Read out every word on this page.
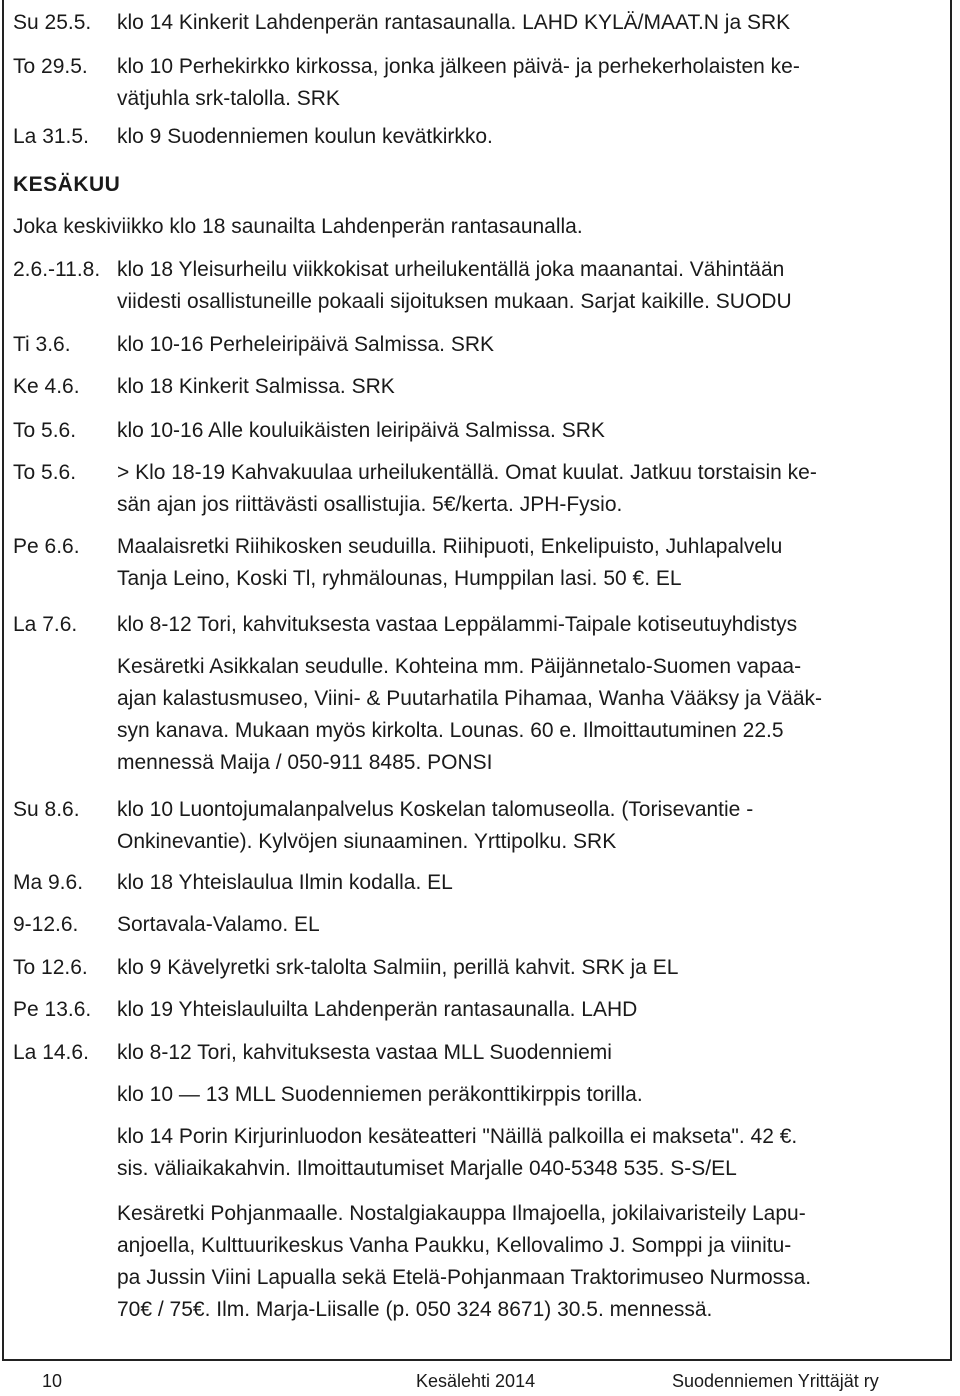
Su 25.5. klo 14 Kinkerit Lahdenperän rantasaunalla. LAHD KYLÄ/MAAT.N ja SRK
To 29.5. klo 10 Perhekirkko kirkossa, jonka jälkeen päivä- ja perhekerholaisten ke-
vätjuhla srk-talolla. SRK
La 31.5. klo 9 Suodenniemen koulun kevätkirkko.
KESÄKUU
Joka keskiviikko klo 18 saunailta Lahdenperän rantasaunalla.
2.6.-11.8. klo 18 Yleisurheilu viikkokisat urheilukentällä joka maanantai. Vähintään
viidesti osallistuneille pokaali sijoituksen mukaan. Sarjat kaikille. SUODU
Ti 3.6. klo 10-16 Perheleiripäivä Salmissa. SRK
Ke 4.6. klo 18 Kinkerit Salmissa. SRK
To 5.6. klo 10-16 Alle kouluikäisten leiripäivä Salmissa. SRK
To 5.6. > Klo 18-19 Kahvakuulaa urheilukentällä. Omat kuulat. Jatkuu torstaisin ke-
sän ajan jos riittävästi osallistujia. 5€/kerta. JPH-Fysio.
Pe 6.6. Maalaisretki Riihikosken seuduilla. Riihipuoti, Enkelipuisto, Juhlapalvelu
Tanja Leino, Koski Tl, ryhmälounas, Humppilan lasi. 50 €. EL
La 7.6. klo 8-12 Tori, kahvituksesta vastaa Leppälammi-Taipale kotiseutuyhdistys
Kesäretki Asikkalan seudulle. Kohteina mm. Päijännetalo-Suomen vapaa-
ajan kalastusmuseo, Viini- & Puutarhatila Pihamaa, Wanha Vääksy ja Vääk-
syn kanava. Mukaan myös kirkolta. Lounas. 60 e. Ilmoittautuminen 22.5
mennessä Maija / 050-911 8485. PONSI
Su 8.6. klo 10 Luontojumalanpalvelus Koskelan talomuseolla. (Torisevantie -
Onkinevantie). Kylvöjen siunaaminen. Yrttipolku. SRK
Ma 9.6. klo 18 Yhteislaulua Ilmin kodalla. EL
9-12.6. Sortavala-Valamo. EL
To 12.6. klo 9 Kävelyretki srk-talolta Salmiin, perillä kahvit. SRK ja EL
Pe 13.6. klo 19 Yhteislauluilta Lahdenperän rantasaunalla. LAHD
La 14.6. klo 8-12 Tori, kahvituksesta vastaa MLL Suodenniemi
klo 10 — 13 MLL Suodenniemen peräkonttikirppis torilla.
klo 14 Porin Kirjurinluodon kesäteatteri "Näillä palkoilla ei makseta". 42 €.
sis. väliaikakahvin. Ilmoittautumiset Marjalle 040-5348 535. S-S/EL
Kesäretki Pohjanmaalle. Nostalgiakauppa Ilmajoella, jokilaivaristeily Lapu-
anjoella, Kulttuurikeskus Vanha Paukku, Kellovalimo J. Somppi ja viinitu-
pa Jussin Viini Lapualla sekä Etelä-Pohjanmaan Traktorimuseo Nurmossa.
70€ / 75€. Ilm. Marja-Liisalle (p. 050 324 8671) 30.5. mennessä.
10	Kesälehti 2014	Suodenniemen Yrittäjät ry
